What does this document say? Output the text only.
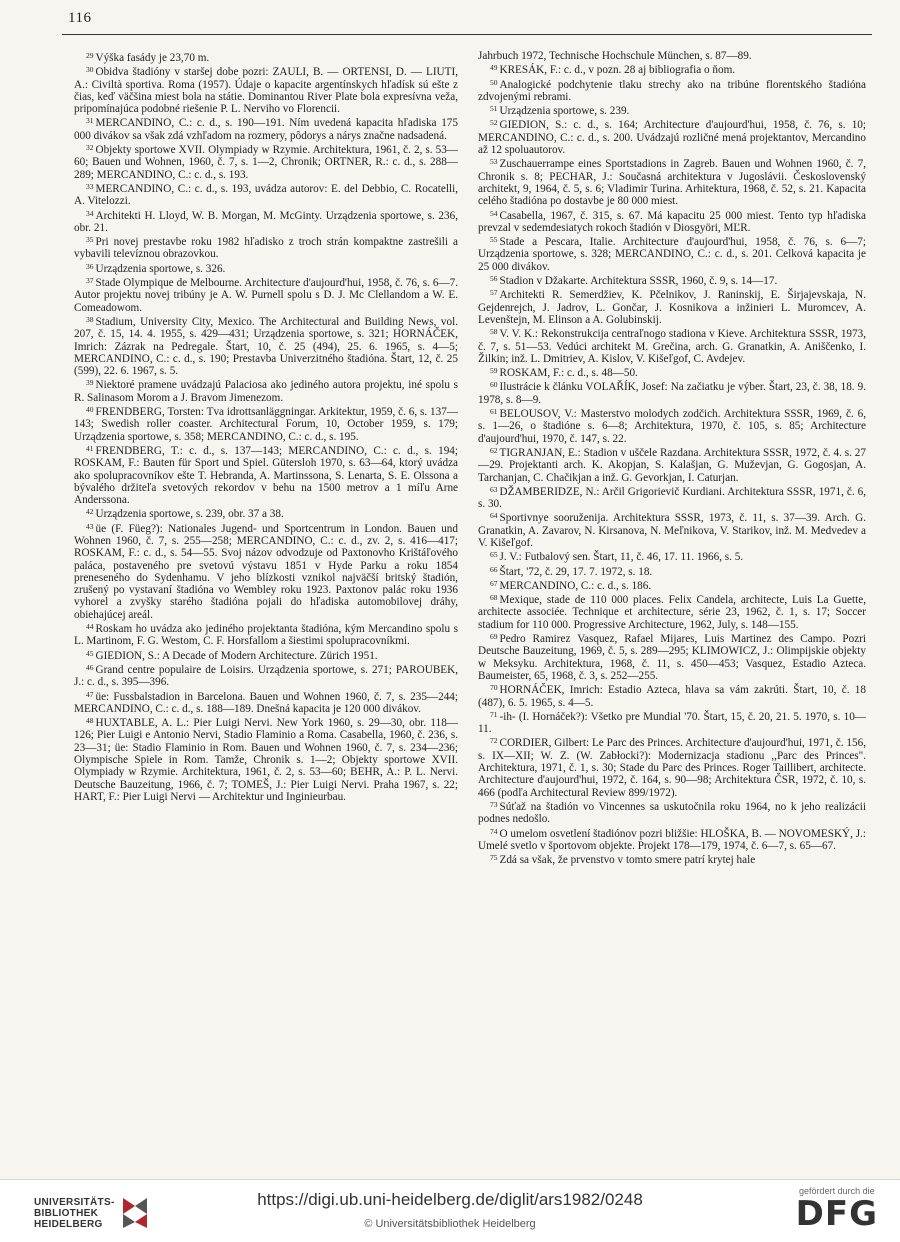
116

$^{29}$ Výška fasády je 23,70 m.

$^{30}$ Obidva štadióny v staršej dobe pozri: ZAULI, B. — ORTENSI, D. — LIUTI, A.: Civiltà sportiva. Roma (1957). Údaje o kapacite argentínskych hľadísk sú ešte z čias, keď väčšina miest bola na státie. Dominantou River Plate bola expresívna veža, pripomínajúca podobné riešenie P. L. Nerviho vo Florencii.

$^{31}$ MERCANDINO, C.: c. d., s. 190—191. Ním uvedená kapacita hľadiska 175 000 divákov sa však zdá vzhľadom na rozmery, pôdorys a nárys značne nadsadená.

$^{32}$ Objekty sportowe XVII. Olympiady w Rzymie. Architektura, 1961, č. 2, s. 53—60; Bauen und Wohnen, 1960, č. 7, s. 1—2, Chronik; ORTNER, R.: c. d., s. 288—289; MERCANDINO, C.: c. d., s. 193.

$^{33}$ MERCANDINO, C.: c. d., s. 193, uvádza autorov: E. del Debbio, C. Rocatelli, A. Vitelozzi.

$^{34}$ Architekti H. Lloyd, W. B. Morgan, M. McGinty. Urządzenia sportowe, s. 236, obr. 21.

$^{35}$ Pri novej prestavbe roku 1982 hľadisko z troch strán kompaktne zastrešili a vybavili televíznou obrazovkou.

$^{36}$ Urządzenia sportowe, s. 326.

$^{37}$ Stade Olympique de Melbourne. Architecture d'aujourd'hui, 1958, č. 76, s. 6—7. Autor projektu novej tribúny je A. W. Purnell spolu s D. J. Mc Clellandom a W. E. Comeadowom.

$^{38}$ Stadium, University City, Mexico. The Architectural and Building News, vol. 207, č. 15, 14. 4. 1955, s. 429—431; Urządzenia sportowe, s. 321; HORNÁČEK, Imrich: Zázrak na Pedregale. Štart, 10, č. 25 (494), 25. 6. 1965, s. 4—5; MERCANDINO, C.: c. d., s. 190; Prestavba Univerzitného štadióna. Štart, 12, č. 25 (599), 22. 6. 1967, s. 5.

$^{39}$ Niektoré pramene uvádzajú Palaciosa ako jediného autora projektu, iné spolu s R. Salinasom Morom a J. Bravom Jimenezom.

$^{40}$ FRENDBERG, Torsten: Tva idrottsanläggningar. Arkitektur, 1959, č. 6, s. 137—143; Swedish roller coaster. Architectural Forum, 10, October 1959, s. 179; Urządzenia sportowe, s. 358; MERCANDINO, C.: c. d., s. 195.

$^{41}$ FRENDBERG, T.: c. d., s. 137—143; MERCANDINO, C.: c. d., s. 194; ROSKAM, F.: Bauten für Sport und Spiel. Gütersloh 1970, s. 63—64, ktorý uvádza ako spolupracovníkov ešte T. Hebranda, A. Martinssona, S. Lenarta, S. E. Olssona a bývalého držiteľa svetových rekordov v behu na 1500 metrov a 1 míľu Arne Anderssona.

$^{42}$ Urządzenia sportowe, s. 239, obr. 37 a 38.

$^{43}$ üe (F. Füeg?): Nationales Jugend- und Sportcentrum in London. Bauen und Wohnen 1960, č. 7, s. 255—258; MERCANDINO, C.: c. d., zv. 2, s. 416—417; ROSKAM, F.: c. d., s. 54—55. Svoj názov odvodzuje od Paxtonovho Krištáľového paláca, postaveného pre svetovú výstavu 1851 v Hyde Parku a roku 1854 preneseného do Sydenhamu. V jeho blízkosti vznikol najväčší britský štadión, zrušený po vystavaní štadióna vo Wembley roku 1923. Paxtonov palác roku 1936 vyhorel a zvyšky starého štadióna pojali do hľadiska automobilovej dráhy, obiehajúcej areál.

$^{44}$ Roskam ho uvádza ako jediného projektanta štadióna, kým Mercandino spolu s L. Martinom, F. G. Westom, C. F. Horsfallom a šiestimi spolupracovníkmi.

$^{45}$ GIEDION, S.: A Decade of Modern Architecture. Zürich 1951.

$^{46}$ Grand centre populaire de Loisirs. Urządzenia sportowe, s. 271; PAROUBEK, J.: c. d., s. 395—396.

$^{47}$ üe: Fussbalstadion in Barcelona. Bauen und Wohnen 1960, č. 7, s. 235—244; MERCANDINO, C.: c. d., s. 188—189. Dnešná kapacita je 120 000 divákov.

$^{48}$ HUXTABLE, A. L.: Pier Luigi Nervi. New York 1960, s. 29—30, obr. 118—126; Pier Luigi e Antonio Nervi, Stadio Flaminio a Roma. Casabella, 1960, č. 236, s. 23—31; üe: Stadio Flaminio in Rom. Bauen und Wohnen 1960, č. 7, s. 234—236; Olympische Spiele in Rom. Tamže, Chronik s. 1—2; Objekty sportowe XVII. Olympiady w Rzymie. Architektura, 1961, č. 2, s. 53—60; BEHR, A.: P. L. Nervi. Deutsche Bauzeitung, 1966, č. 7; TOMEŠ, J.: Pier Luigi Nervi. Praha 1967, s. 22; HART, F.: Pier Luigi Nervi — Architektur und Inginieurbau.

Jahrbuch 1972, Technische Hochschule München, s. 87—89.

$^{49}$ KRESÁK, F.: c. d., v pozn. 28 aj bibliografia o ňom.

$^{50}$ Analogické podchytenie tlaku strechy ako na tribúne florentského štadióna zdvojenými rebrami.

$^{51}$ Urządzenia sportowe, s. 239.

$^{52}$ GIEDION, S.: c. d., s. 164; Architecture d'aujourd'hui, 1958, č. 76, s. 10; MERCANDINO, C.: c. d., s. 200. Uvádzajú rozličné mená projektantov, Mercandino až 12 spoluautorov.

$^{53}$ Zuschauerrampe eines Sportstadions in Zagreb. Bauen und Wohnen 1960, č. 7, Chronik s. 8; PECHAR, J.: Současná architektura v Jugoslávii. Československý architekt, 9, 1964, č. 5, s. 6; Vladimir Turina. Arhitektura, 1968, č. 52, s. 21. Kapacita celého štadióna po dostavbe je 80 000 miest.

$^{54}$ Casabella, 1967, č. 315, s. 67. Má kapacitu 25 000 miest. Tento typ hľadiska prevzal v sedemdesiatych rokoch štadión v Diosgyöri, MĽR.

$^{55}$ Stade a Pescara, Italie. Architecture d'aujourd'hui, 1958, č. 76, s. 6—7; Urządzenia sportowe, s. 328; MERCANDINO, C.: c. d., s. 201. Celková kapacita je 25 000 divákov.

$^{56}$ Stadion v Džakarte. Architektura SSSR, 1960, č. 9, s. 14—17.

$^{57}$ Architekti R. Semerdžiev, K. Pčelnikov, J. Raninskij, E. Širjajevskaja, N. Gejdenrejch, J. Jadrov, L. Gončar, J. Kosnikova a inžinieri L. Muromcev, A. Levenštejn, M. Elinson a A. Golubinskij.

$^{58}$ V. V. K.: Rekonstrukcija centraľnogo stadiona v Kieve. Architektura SSSR, 1973, č. 7, s. 51—53. Vedúci architekt M. Grečina, arch. G. Granatkin, A. Aniščenko, I. Žilkin; inž. L. Dmitriev, A. Kislov, V. Kišeľgof, C. Avdejev.

$^{59}$ ROSKAM, F.: c. d., s. 48—50.

$^{60}$ Ilustrácie k článku VOLAŘÍK, Josef: Na začiatku je výber. Štart, 23, č. 38, 18. 9. 1978, s. 8—9.

$^{61}$ BELOUSOV, V.: Masterstvo molodych zodčich. Architektura SSSR, 1969, č. 6, s. 1—26, o štadióne s. 6—8; Architektura, 1970, č. 105, s. 85; Architecture d'aujourd'hui, 1970, č. 147, s. 22.

$^{62}$ TIGRANJAN, E.: Stadion v uščele Razdana. Architektura SSSR, 1972, č. 4. s. 27—29. Projektanti arch. K. Akopjan, S. Kalašjan, G. Muževjan, G. Gogosjan, A. Tarchanjan, C. Chačikjan a inž. G. Gevorkjan, I. Caturjan.

$^{63}$ DŽAMBERIDZE, N.: Arčil Grigorievič Kurdiani. Architektura SSSR, 1971, č. 6, s. 30.

$^{64}$ Sportivnye sooruženija. Architektura SSSR, 1973, č. 11, s. 37—39. Arch. G. Granatkin, A. Zavarov, N. Kirsanova, N. Meľnikova, V. Starikov, inž. M. Medvedev a V. Kišeľgof.

$^{65}$ J. V.: Futbalový sen. Štart, 11, č. 46, 17. 11. 1966, s. 5.

$^{66}$ Štart, '72, č. 29, 17. 7. 1972, s. 18.

$^{67}$ MERCANDINO, C.: c. d., s. 186.

$^{68}$ Mexique, stade de 110 000 places. Felix Candela, architecte, Luis La Guette, architecte associée. Technique et architecture, série 23, 1962, č. 1, s. 17; Soccer stadium for 110 000. Progressive Architecture, 1962, July, s. 148—155.

$^{69}$ Pedro Ramirez Vasquez, Rafael Mijares, Luis Martinez des Campo. Pozri Deutsche Bauzeitung, 1969, č. 5, s. 289—295; KLIMOWICZ, J.: Olimpijskie objekty w Meksyku. Architektura, 1968, č. 11, s. 450—453; Vasquez, Estadio Azteca. Baumeister, 65, 1968, č. 3, s. 252—255.

$^{70}$ HORNÁČEK, Imrich: Estadio Azteca, hlava sa vám zakrúti. Štart, 10, č. 18 (487), 6. 5. 1965, s. 4—5.

$^{71}$ -ih- (I. Hornáček?): Všetko pre Mundial '70. Štart, 15, č. 20, 21. 5. 1970, s. 10—11.

$^{72}$ CORDIER, Gilbert: Le Parc des Princes. Architecture d'aujourd'hui, 1971, č. 156, s. IX—XII; W. Z. (W. Zabłocki?): Modernizacja stadionu ,,Parc des Princes". Architektura, 1971, č. 1, s. 30; Stade du Parc des Princes. Roger Taillibert, architecte. Architecture d'aujourd'hui, 1972, č. 164, s. 90—98; Architektura ČSR, 1972, č. 10, s. 466 (podľa Architectural Review 899/1972).

$^{73}$ Súťaž na štadión vo Vincennes sa uskutočnila roku 1964, no k jeho realizácii podnes nedošlo.

$^{74}$ O umelom osvetlení štadiónov pozri bližšie: HLOŠKA, B. — NOVOMESKÝ, J.: Umelé svetlo v športovom objekte. Projekt 178—179, 1974, č. 6—7, s. 65—67.

$^{75}$ Zdá sa však, že prvenstvo v tomto smere patrí krytej hale

UNIVERSITÄTS-
BIBLIOTHEK
HEIDELBERG
https://digi.ub.uni-heidelberg.de/diglit/ars1982/0248
© Universitätsbibliothek Heidelberg
gefördert durch die
DFG
